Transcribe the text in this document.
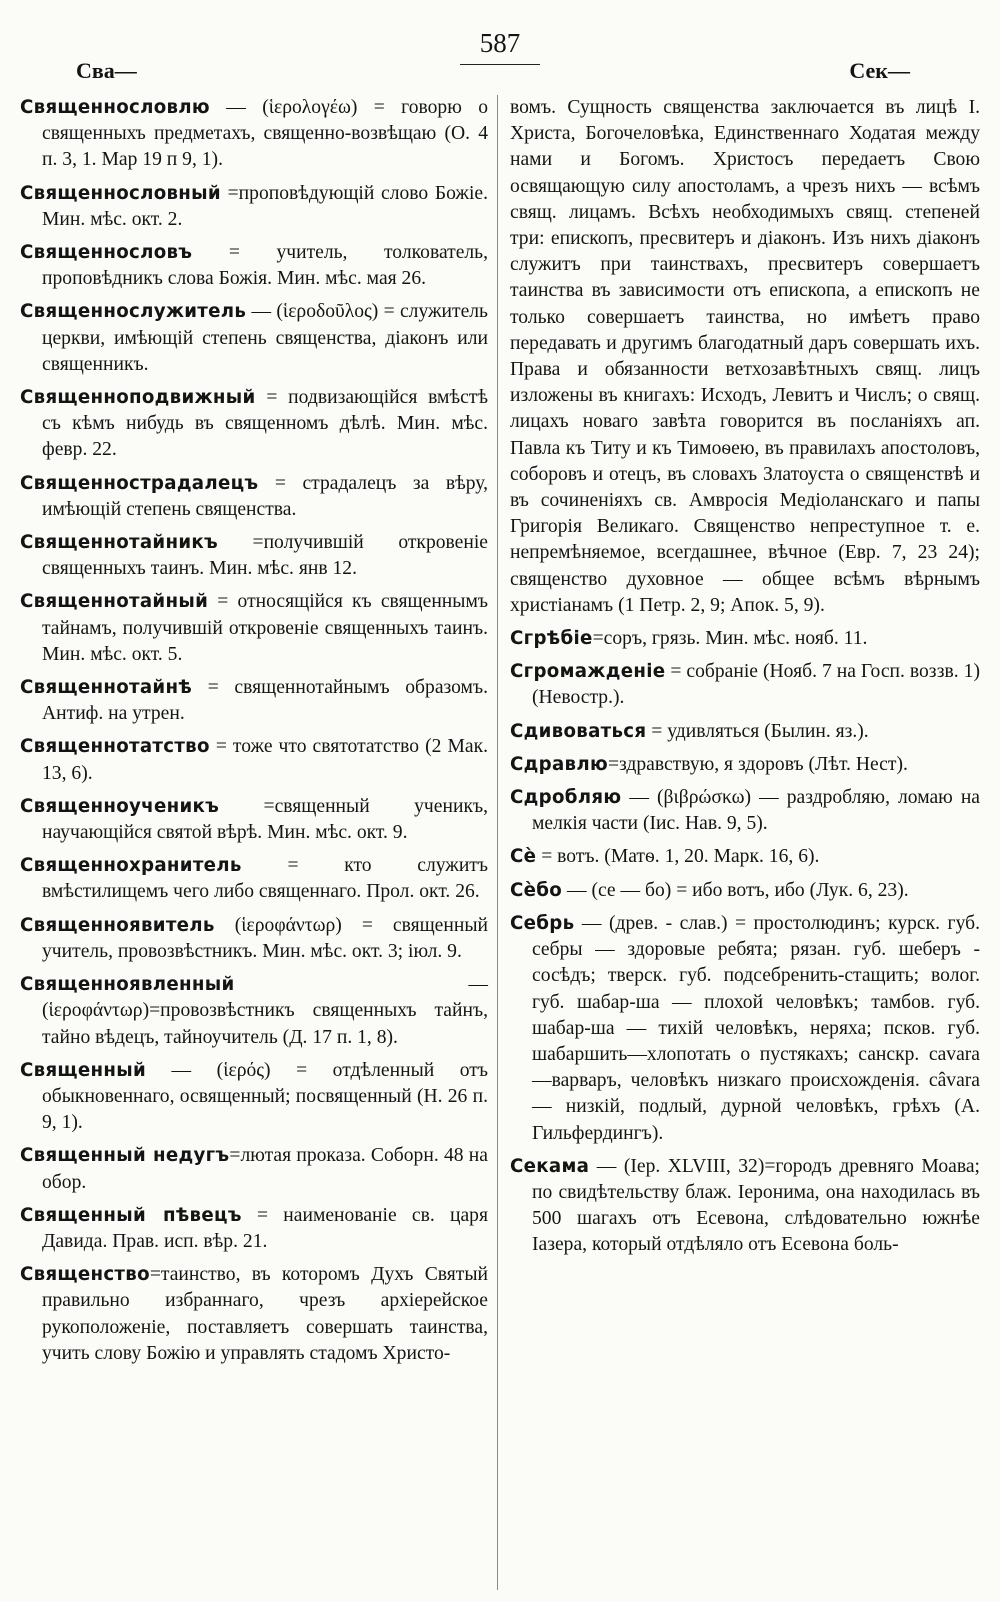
Сва—
587
Сек—

Священнословлю — (ἱερολογέω) = говорю о священныхъ предметахъ, священно-возвѣщаю (О. 4 п. 3, 1. Мар 19 п 9, 1).

Священнословный =проповѣдующій слово Божіе. Мин. мѣс. окт. 2.

Священнословъ = учитель, толкователь, проповѣдникъ слова Божія. Мин. мѣс. мая 26.

Священнослужитель — (ἱεροδοῦλος) = служитель церкви, имѣющій степень священства, діаконъ или священникъ.

Священноподвижный = подвизающійся вмѣстѣ съ кѣмъ нибудь въ священномъ дѣлѣ. Мин. мѣс. февр. 22.

Священнострадалецъ = страдалецъ за вѣру, имѣющій степень священства.

Священнотайникъ =получившій откровеніе священныхъ таинъ. Мин. мѣс. янв 12.

Священнотайный = относящійся къ священнымъ тайнамъ, получившій откровеніе священныхъ таинъ. Мин. мѣс. окт. 5.

Священнотайнѣ = священнотайнымъ образомъ. Антиф. на утрен.

Священнотатство = тоже что святотатство (2 Мак. 13, 6).

Священноученикъ =священный ученикъ, научающійся святой вѣрѣ. Мин. мѣс. окт. 9.

Священнохранитель = кто служитъ вмѣстилищемъ чего либо священнаго. Прол. окт. 26.

Священноявитель (ἱεροφάντωρ) = священный учитель, провозвѣстникъ. Мин. мѣс. окт. 3; іюл. 9.

Священноявленный — (ἱεροφάντωρ)=провозвѣстникъ священныхъ тайнъ, тайно вѣдецъ, тайноучитель (Д. 17 п. 1, 8).

Священный — (ἱερός) = отдѣленный отъ обыкновеннаго, освященный; посвященный (Н. 26 п. 9, 1).

Священный недугъ=лютая проказа. Соборн. 48 на обор.

Священный пѣвецъ = наименованіе св. царя Давида. Прав. исп. вѣр. 21.

Священство=таинство, въ которомъ Духъ Святый правильно избраннаго, чрезъ архіерейское рукоположеніе, поставляетъ совершать таинства, учить слову Божію и управлять стадомъ Христо-

вомъ. Сущность священства заключается въ лицѣ І. Христа, Богочеловѣка, Единственнаго Ходатая между нами и Богомъ. Христосъ передаетъ Свою освящающую силу апостоламъ, а чрезъ нихъ — всѣмъ свящ. лицамъ. Всѣхъ необходимыхъ свящ. степеней три: епископъ, пресвитеръ и діаконъ. Изъ нихъ діаконъ служитъ при таинствахъ, пресвитеръ совершаетъ таинства въ зависимости отъ епископа, а епископъ не только совершаетъ таинства, но имѣетъ право передавать и другимъ благодатный даръ совершать ихъ. Права и обязанности ветхозавѣтныхъ свящ. лицъ изложены въ книгахъ: Исходъ, Левитъ и Числъ; о свящ. лицахъ новаго завѣта говорится въ посланіяхъ ап. Павла къ Титу и къ Тимоѳею, въ правилахъ апостоловъ, соборовъ и отецъ, въ словахъ Златоуста о священствѣ и въ сочиненіяхъ св. Амвросія Медіоланскаго и папы Григорія Великаго. Священство непреступное т. е. непремѣняемое, всегдашнее, вѣчное (Евр. 7, 23 24); священство духовное — общее всѣмъ вѣрнымъ христіанамъ (1 Петр. 2, 9; Апок. 5, 9).

Сгрѣбіе=соръ, грязь. Мин. мѣс. нояб. 11.

Сгромажденіе = собраніе (Нояб. 7 на Госп. воззв. 1) (Невостр.).

Сдивоваться = удивляться (Былин. яз.).

Сдравлю=здравствую, я здоровъ (Лѣт. Нест).

Сдробляю — (βιβρώσκω) — раздробляю, ломаю на мелкія части (Іис. Нав. 9, 5).

Сѐ = вотъ. (Матѳ. 1, 20. Марк. 16, 6).

Сѐбо — (се — бо) = ибо вотъ, ибо (Лук. 6, 23).

Себрь — (древ. - слав.) = простолюдинъ; курск. губ. себры — здоровые ребята; рязан. губ. шеберъ - сосѣдъ; тверск. губ. подсебренить-стащить; волог. губ. шабар-ша — плохой человѣкъ; тамбов. губ. шабар-ша — тихій человѣкъ, неряха; псков. губ. шабаршить—хлопотать о пустякахъ; санскр. cavara —варваръ, человѣкъ низкаго происхожденія. câvara — низкій, подлый, дурной человѣкъ, грѣхъ (А. Гильфердингъ).

Секама — (Іер. XLVIII, 32)=городъ древняго Моава; по свидѣтельству блаж. Іеронима, она находилась въ 500 шагахъ отъ Есевона, слѣдовательно южнѣе Іазера, который отдѣляло отъ Есевона боль-
